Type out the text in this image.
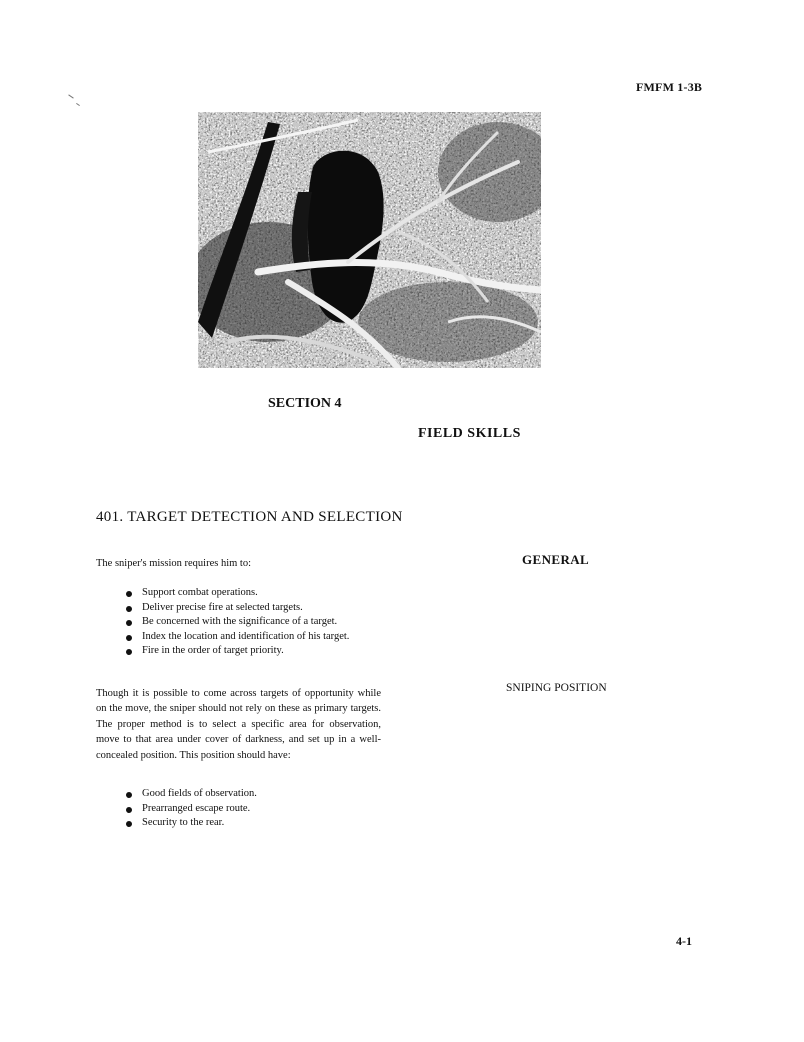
FMFM 1-3B
SECTION 4
FIELD SKILLS
401. TARGET DETECTION AND SELECTION
GENERAL
The sniper's mission requires him to:
Support combat operations.
Deliver precise fire at selected targets.
Be concerned with the significance of a target.
Index the location and identification of his target.
Fire in the order of target priority.
SNIPING POSITION
Though it is possible to come across targets of opportunity while on the move, the sniper should not rely on these as primary targets. The proper method is to select a specific area for observation, move to that area under cover of darkness, and set up in a well-concealed position. This position should have:
Good fields of observation.
Prearranged escape route.
Security to the rear.
4-1
